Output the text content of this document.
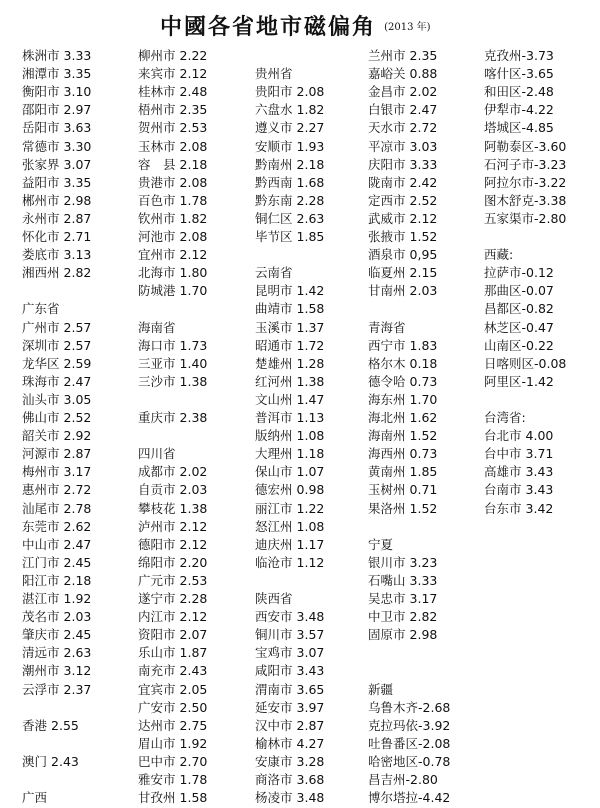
中國各省地市磁偏角 (2013 年)
株洲市 3.33
湘潭市 3.35
衡阳市 3.10
邵阳市 2.97
岳阳市 3.63
常德市 3.30
张家界 3.07
益阳市 3.35
郴州市 2.98
永州市 2.87
怀化市 2.71
娄底市 3.13
湘西州 2.82
广东省
广州市 2.57
深圳市 2.57
龙华区 2.59
珠海市 2.47
汕头市 3.05
佛山市 2.52
韶关市 2.92
河源市 2.87
梅州市 3.17
惠州市 2.72
汕尾市 2.78
东莞市 2.62
中山市 2.47
江门市 2.45
阳江市 2.18
湛江市 1.92
茂名市 2.03
肇庆市 2.45
清远市 2.63
潮州市 3.12
云浮市 2.37
香港 2.55
澳门 2.43
广西
柳州市 2.22
来宾市 2.12
桂林市 2.48
梧州市 2.35
贺州市 2.53
玉林市 2.08
容　县 2.18
贵港市 2.08
百色市 1.78
钦州市 1.82
河池市 2.08
宜州市 2.12
北海市 1.80
防城港 1.70
海南省
海口市 1.73
三亚市 1.40
三沙市 1.38
重庆市 2.38
四川省
成都市 2.02
自贡市 2.03
攀枝花 1.38
泸州市 2.12
德阳市 2.12
绵阳市 2.20
广元市 2.53
遂宁市 2.28
内江市 2.12
资阳市 2.07
乐山市 1.87
南充市 2.43
宜宾市 2.05
广安市 2.50
达州市 2.75
眉山市 1.92
巴中市 2.70
雅安市 1.78
甘孜州 1.58
贵州省
贵阳市 2.08
六盘水 1.82
遵义市 2.27
安顺市 1.93
黔南州 2.18
黔西南 1.68
黔东南 2.28
铜仁区 2.63
毕节区 1.85
云南省
昆明市 1.42
曲靖市 1.58
玉溪市 1.37
昭通市 1.72
楚雄州 1.28
红河州 1.38
文山州 1.47
普洱市 1.13
版纳州 1.08
大理州 1.18
保山市 1.07
德宏州 0.98
丽江市 1.22
怒江州 1.08
迪庆州 1.17
临沧市 1.12
陕西省
西安市 3.48
铜川市 3.57
宝鸡市 3.07
咸阳市 3.43
渭南市 3.65
延安市 3.97
汉中市 2.87
榆林市 4.27
安康市 3.28
商洛市 3.68
杨凌市 3.48
兰州市 2.35
嘉峪关 0.88
金昌市 2.02
白银市 2.47
天水市 2.72
平凉市 3.03
庆阳市 3.33
陇南市 2.42
定西市 2.52
武威市 2.12
张掖市 1.52
酒泉市 0,95
临夏州 2.15
甘南州 2.03
青海省
西宁市 1.83
格尔木 0.18
德令哈 0.73
海东州 1.70
海北州 1.62
海南州 1.52
海西州 0.73
黄南州 1.85
玉树州 0.71
果洛州 1.52
宁夏
银川市 3.23
石嘴山 3.33
吴忠市 3.17
中卫市 2.82
固原市 2.98
新疆
乌鲁木齐-2.68
克拉玛依-3.92
吐鲁番区-2.08
哈密地区-0.78
昌吉州-2.80
博尔塔拉-4.42
克孜州-3.73
喀什区-3.65
和田区-2.48
伊犁市-4.22
塔城区-4.85
阿勒泰区-3.60
石河子市-3.23
阿拉尔市-3.22
图木舒克-3.38
五家渠市-2.80
西藏:
拉萨市-0.12
那曲区-0.07
昌都区-0.82
林芝区-0.47
山南区-0.22
日喀则区-0.08
阿里区-1.42
台湾省:
台北市 4.00
台中市 3.71
高雄市 3.43
台南市 3.43
台东市 3.42
